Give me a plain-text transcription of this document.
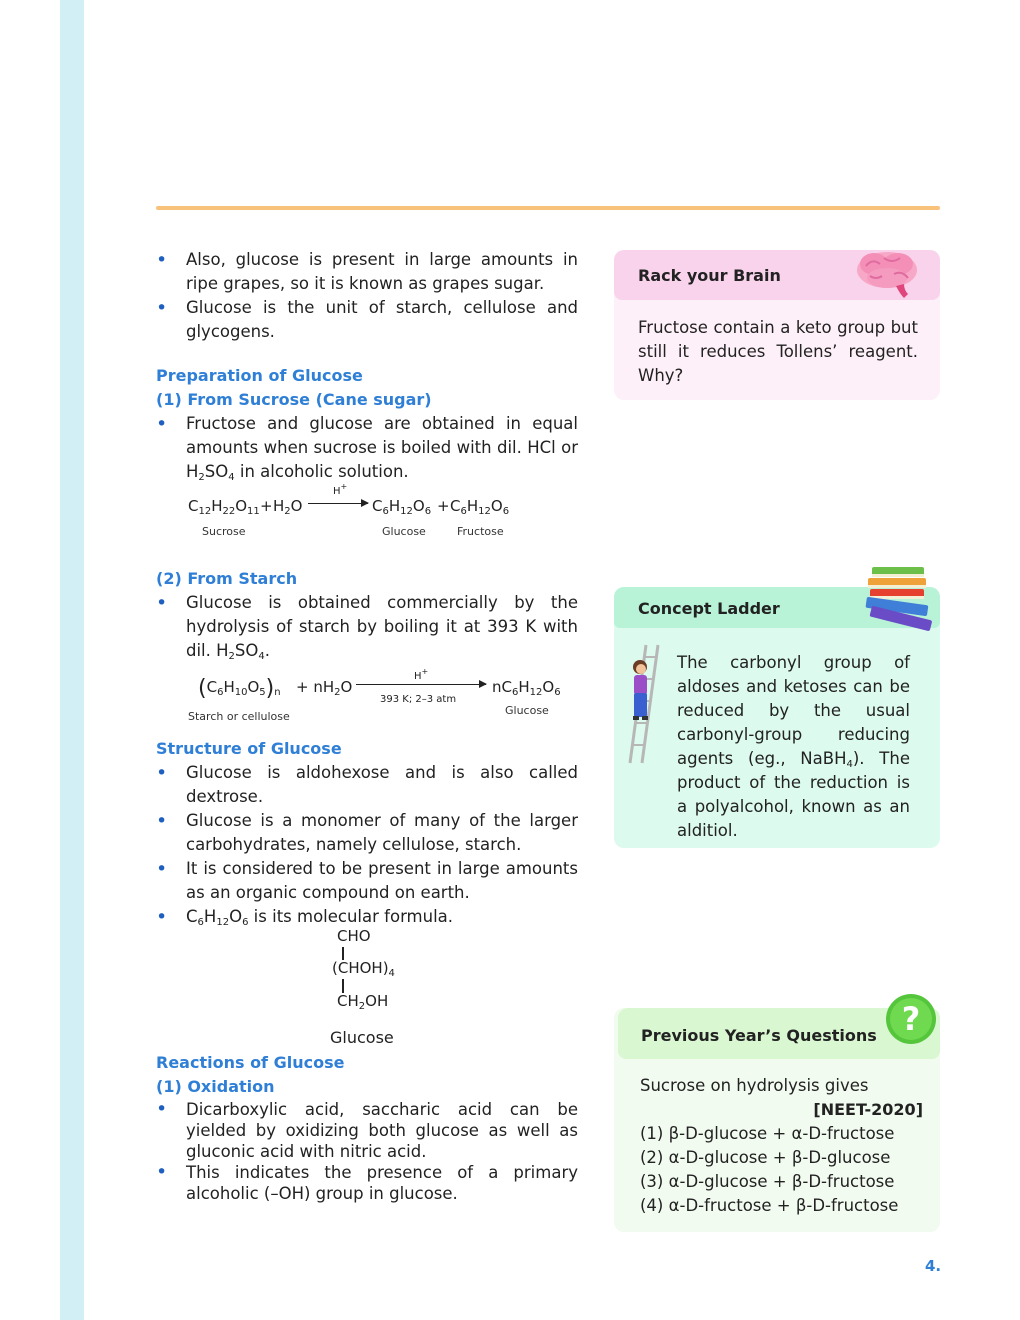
• Also, glucose is present in large amounts in ripe grapes, so it is known as grapes sugar.

• Glucose is the unit of starch, cellulose and glycogens.

Preparation of Glucose

(1) From Sucrose (Cane sugar)

• Fructose and glucose are obtained in equal amounts when sucrose is boiled with dil. HCl or $H_2SO_4$ in alcoholic solution.

$C_{12}H_{22}O_{11} + H_2O$
H+
$C_6H_{12}O_6 + C_6H_{12}O_6$
Sucrose	Glucose	Fructose

(2) From Starch

• Glucose is obtained commercially by the hydrolysis of starch by boiling it at 393 K with dil. $H_2SO_4$.

$(C_6H_{10}O_5)_n + nH_2O$
H+
393 K; 2–3 atm
$nC_6H_{12}O_6$
Starch or cellulose	Glucose

Structure of Glucose

• Glucose is aldohexose and is also called dextrose.

• Glucose is a monomer of many of the larger carbohydrates, namely cellulose, starch.

• It is considered to be present in large amounts as an organic compound on earth.

• $C_6H_{12}O_6$ is its molecular formula.

CHO
$(CHOH)_4$
$CH_2OH$
Glucose

Reactions of Glucose

(1) Oxidation

• Dicarboxylic acid, saccharic acid can be yielded by oxidizing both glucose as well as gluconic acid with nitric acid.

• This indicates the presence of a primary alcoholic (–OH) group in glucose.

Rack your Brain

Fructose contain a keto group but still it reduces Tollens’ reagent. Why?

Concept Ladder

The carbonyl group of aldoses and ketoses can be reduced by the usual carbonyl-group reducing agents (eg., NaBH$_4$). The product of the reduction is a polyalcohol, known as an alditiol.

Previous Year’s Questions ?

Sucrose on hydrolysis gives

[NEET-2020]

(1) β-D-glucose + α-D-fructose
(2) α-D-glucose + β-D-glucose
(3) α-D-glucose + β-D-fructose
(4) α-D-fructose + β-D-fructose
4.
